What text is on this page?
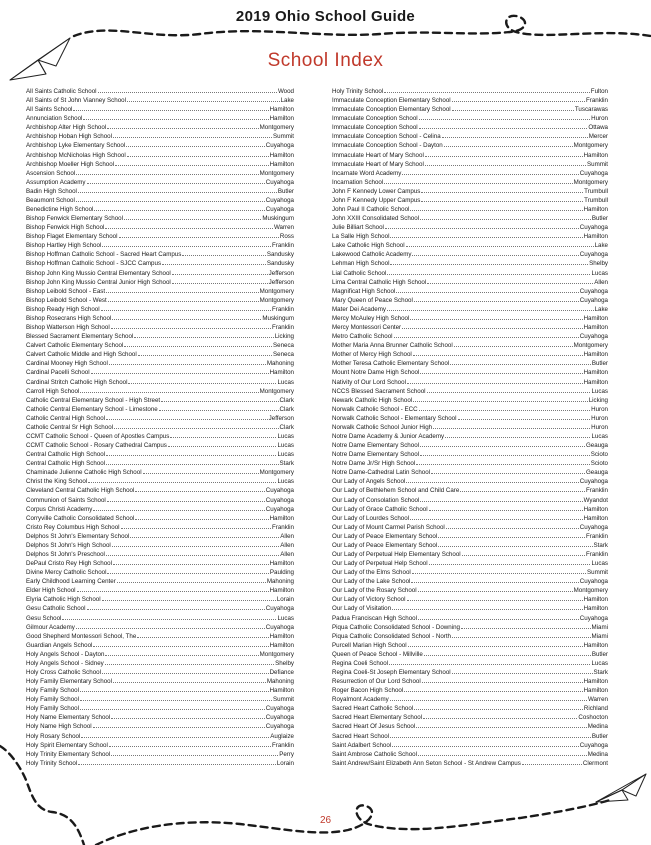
2019 Ohio School Guide
School Index
All Saints Catholic School	Wood
All Saints of St John Vianney School	Lake
All Saints School	Hamilton
Annunciation School	Hamilton
Archbishop Alter High School	Montgomery
Archbishop Hoban High School	Summit
Archbishop Lyke Elementary School	Cuyahoga
Archbishop McNicholas High School	Hamilton
Archbishop Moeller High School	Hamilton
Ascension School	Montgomery
Assumption Academy	Cuyahoga
Badin High School	Butler
Beaumont School	Cuyahoga
Benedictine High School	Cuyahoga
Bishop Fenwick Elementary School	Muskingum
Bishop Fenwick High School	Warren
Bishop Flaget Elementary School	Ross
Bishop Hartley High School	Franklin
Bishop Hoffman Catholic School - Sacred Heart Campus	Sandusky
Bishop Hoffman Catholic School - SJCC Campus	Sandusky
Bishop John King Mussio Central Elementary School	Jefferson
Bishop John King Mussio Central Junior High School	Jefferson
Bishop Leibold School - East	Montgomery
Bishop Leibold School - West	Montgomery
Bishop Ready High School	Franklin
Bishop Rosecrans High School	Muskingum
Bishop Watterson High School	Franklin
Blessed Sacrament Elementary School	Licking
Calvert Catholic Elementary School	Seneca
Calvert Catholic Middle and High School	Seneca
Cardinal Mooney High School	Mahoning
Cardinal Pacelli School	Hamilton
Cardinal Stritch Catholic High School	Lucas
Carroll High School	Montgomery
Catholic Central Elementary School - High Street	Clark
Catholic Central Elementary School - Limestone	Clark
Catholic Central High School	Jefferson
Catholic Central Sr High School	Clark
CCMT Catholic School - Queen of Apostles Campus	Lucas
CCMT Catholic School - Rosary Cathedral Campus	Lucas
Central Catholic High School	Lucas
Central Catholic High School	Stark
Chaminade Julienne Catholic High School	Montgomery
Christ the King School	Lucas
Cleveland Central Catholic High School	Cuyahoga
Communion of Saints School	Cuyahoga
Corpus Christi Academy	Cuyahoga
Corryville Catholic Consolidated School	Hamilton
Cristo Rey Columbus High School	Franklin
Delphos St John's Elementary School	Allen
Delphos St John's High School	Allen
Delphos St John's Preschool	Allen
DePaul Cristo Rey High School	Hamilton
Divine Mercy Catholic School	Paulding
Early Childhood Learning Center	Mahoning
Elder High School	Hamilton
Elyria Catholic High School	Lorain
Gesu Catholic School	Cuyahoga
Gesu School	Lucas
Gilmour Academy	Cuyahoga
Good Shepherd Montessori School, The	Hamilton
Guardian Angels School	Hamilton
Holy Angels School - Dayton	Montgomery
Holy Angels School - Sidney	Shelby
Holy Cross Catholic School	Defiance
Holy Family Elementary School	Mahoning
Holy Family School	Hamilton
Holy Family School	Summit
Holy Family School	Cuyahoga
Holy Name Elementary School	Cuyahoga
Holy Name High School	Cuyahoga
Holy Rosary School	Auglaize
Holy Spirit Elementary School	Franklin
Holy Trinity Elementary School	Perry
Holy Trinity School	Lorain
Holy Trinity School	Fulton
Immaculate Conception Elementary School	Franklin
Immaculate Conception Elementary School	Tuscarawas
Immaculate Conception School	Huron
Immaculate Conception School	Ottawa
Immaculate Conception School - Celina	Mercer
Immaculate Conception School - Dayton	Montgomery
Immaculate Heart of Mary School	Hamilton
Immaculate Heart of Mary School	Summit
Incarnate Word Academy	Cuyahoga
Incarnation School	Montgomery
John F Kennedy Lower Campus	Trumbull
John F Kennedy Upper Campus	Trumbull
John Paul II Catholic School	Hamilton
John XXIII Consolidated School	Butler
Julie Billiart School	Cuyahoga
La Salle High School	Hamilton
Lake Catholic High School	Lake
Lakewood Catholic Academy	Cuyahoga
Lehman High School	Shelby
Lial Catholic School	Lucas
Lima Central Catholic High School	Allen
Magnificat High School	Cuyahoga
Mary Queen of Peace School	Cuyahoga
Mater Dei Academy	Lake
Mercy McAuley High School	Hamilton
Mercy Montessori Center	Hamilton
Metro Catholic School	Cuyahoga
Mother Maria Anna Brunner Catholic School	Montgomery
Mother of Mercy High School	Hamilton
Mother Teresa Catholic Elementary School	Butler
Mount Notre Dame High School	Hamilton
Nativity of Our Lord School	Hamilton
NCCS Blessed Sacrament School	Lucas
Newark Catholic High School	Licking
Norwalk Catholic School - ECC	Huron
Norwalk Catholic School - Elementary School	Huron
Norwalk Catholic School Junior High	Huron
Notre Dame Academy & Junior Academy	Lucas
Notre Dame Elementary School	Geauga
Notre Dame Elementary School	Scioto
Notre Dame Jr/Sr High School	Scioto
Notre Dame-Cathedral Latin School	Geauga
Our Lady of Angels School	Cuyahoga
Our Lady of Bethlehem School and Child Care	Franklin
Our Lady of Consolation School	Wyandot
Our Lady of Grace Catholic School	Hamilton
Our Lady of Lourdes School	Hamilton
Our Lady of Mount Carmel Parish School	Cuyahoga
Our Lady of Peace Elementary School	Franklin
Our Lady of Peace Elementary School	Stark
Our Lady of Perpetual Help Elementary School	Franklin
Our Lady of Perpetual Help School	Lucas
Our Lady of the Elms School	Summit
Our Lady of the Lake School	Cuyahoga
Our Lady of the Rosary School	Montgomery
Our Lady of Victory School	Hamilton
Our Lady of Visitation	Hamilton
Padua Franciscan High School	Cuyahoga
Piqua Catholic Consolidated School - Downing	Miami
Piqua Catholic Consolidated School - North	Miami
Purcell Marian High School	Hamilton
Queen of Peace School - Millville	Butler
Regina Coeli School	Lucas
Regina Coeli-St Joseph Elementary School	Stark
Resurrection of Our Lord School	Hamilton
Roger Bacon High School	Hamilton
Royalmont Academy	Warren
Sacred Heart Catholic School	Richland
Sacred Heart Elementary School	Coshocton
Sacred Heart Of Jesus School	Medina
Sacred Heart School	Butler
Saint Adalbert School	Cuyahoga
Saint Ambrose Catholic School	Medina
Saint Andrew/Saint Elizabeth Ann Seton School - St Andrew Campus	Clermont
26
